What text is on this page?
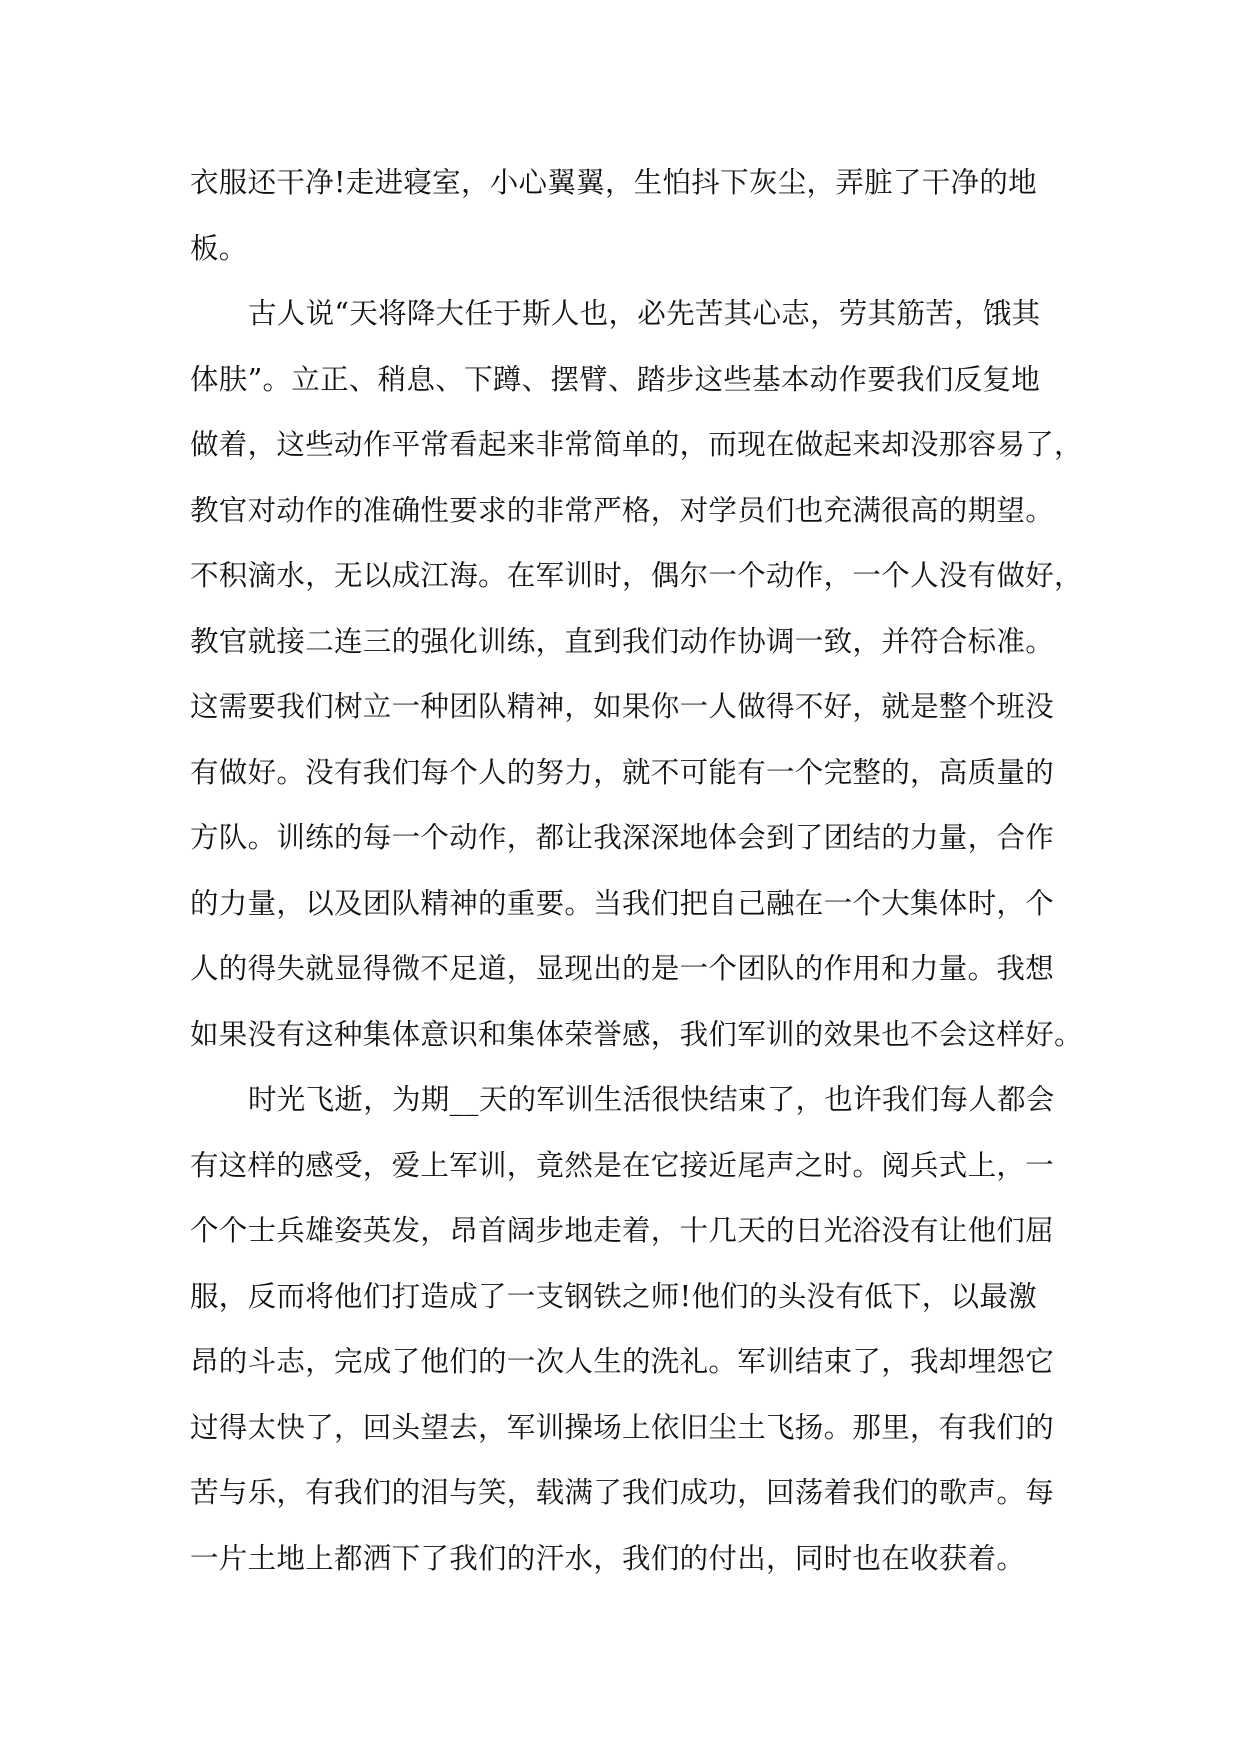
衣服还干净!走进寝室，小心翼翼，生怕抖下灰尘，弄脏了干净的地
板。
古人说“天将降大任于斯人也，必先苦其心志，劳其筋苦，饿其
体肤”。立正、稍息、下蹲、摆臂、踏步这些基本动作要我们反复地
做着，这些动作平常看起来非常简单的，而现在做起来却没那容易了，
教官对动作的准确性要求的非常严格，对学员们也充满很高的期望。
不积滴水，无以成江海。在军训时，偶尔一个动作，一个人没有做好，
教官就接二连三的强化训练，直到我们动作协调一致，并符合标准。
这需要我们树立一种团队精神，如果你一人做得不好，就是整个班没
有做好。没有我们每个人的努力，就不可能有一个完整的，高质量的
方队。训练的每一个动作，都让我深深地体会到了团结的力量，合作
的力量，以及团队精神的重要。当我们把自己融在一个大集体时，个
人的得失就显得微不足道，显现出的是一个团队的作用和力量。我想
如果没有这种集体意识和集体荣誉感，我们军训的效果也不会这样好。
时光飞逝，为期__天的军训生活很快结束了，也许我们每人都会
有这样的感受，爱上军训，竟然是在它接近尾声之时。阅兵式上，一
个个士兵雄姿英发，昂首阔步地走着，十几天的日光浴没有让他们屈
服，反而将他们打造成了一支钢铁之师!他们的头没有低下，以最激
昂的斗志，完成了他们的一次人生的洗礼。军训结束了，我却埋怨它
过得太快了，回头望去，军训操场上依旧尘土飞扬。那里，有我们的
苦与乐，有我们的泪与笑，载满了我们成功，回荡着我们的歌声。每
一片土地上都洒下了我们的汗水，我们的付出，同时也在收获着。
